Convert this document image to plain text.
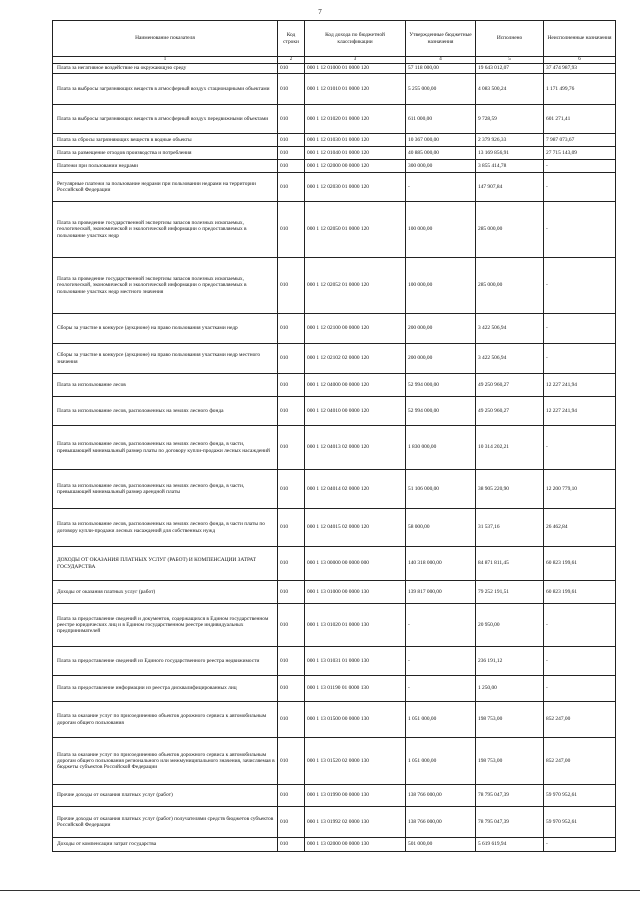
7
Наименование показателя	Код строки	Код дохода по бюджетной классификации	Утвержденные бюджетные назначения	Исполнено	Неисполненные назначения
1	2	3	4	5	6
Плата за негативное воздействие на окружающую среду	010	000 1 12 01000 01 0000 120	57 118 000,00	19 643 012,07	37 474 987,93
Плата за выбросы загрязняющих веществ в атмосферный воздух стационарными объектами	010	000 1 12 01010 01 0000 120	5 255 000,00	4 083 500,24	1 171 499,76
Плата за выбросы загрязняющих веществ в атмосферный воздух передвижными объектами	010	000 1 12 01020 01 0000 120	611 000,00	9 728,59	601 271,41
Плата за сбросы загрязняющих веществ в водные объекты	010	000 1 12 01030 01 0000 120	10 367 000,00	2 379 926,33	7 987 073,67
Плата за размещение отходов производства и потребления	010	000 1 12 01040 01 0000 120	40 885 000,00	13 169 856,91	27 715 143,09
Платежи при пользовании недрами	010	000 1 12 02000 00 0000 120	300 000,00	3 855 414,78	-
Регулярные платежи за пользование недрами при пользовании недрами на территории Российской Федерации	010	000 1 12 02030 01 0000 120	-	147 907,84	-
Плата за проведение государственной экспертизы запасов полезных ископаемых, геологической, экономической и экологической информации о предоставляемых в пользование участках недр	010	000 1 12 02050 01 0000 120	100 000,00	285 000,00	-
Плата за проведение государственной экспертизы запасов полезных ископаемых, геологической, экономической и экологической информации о предоставляемых в пользование участках недр местного значения	010	000 1 12 02052 01 0000 120	100 000,00	285 000,00	-
Сборы за участие в конкурсе (аукционе) на право пользования участками недр	010	000 1 12 02100 00 0000 120	200 000,00	3 422 506,94	-
Сборы за участие в конкурсе (аукционе) на право пользования участками недр местного значения	010	000 1 12 02102 02 0000 120	200 000,00	3 422 506,94	-
Плата за использование лесов	010	000 1 12 04000 00 0000 120	52 994 000,00	49 250 960,27	12 227 241,94
Плата за использование лесов, расположенных на землях лесного фонда	010	000 1 12 04010 00 0000 120	52 994 000,00	49 250 960,27	12 227 241,94
Плата за использование лесов, расположенных на землях лесного фонда, в части, превышающей минимальный размер платы по договору купли-продажи лесных насаждений	010	000 1 12 04013 02 0000 120	1 830 000,00	10 314 202,21	-
Плата за использование лесов, расположенных на землях лесного фонда, в части, превышающей минимальный размер арендной платы	010	000 1 12 04014 02 0000 120	51 106 000,00	38 905 220,90	12 200 779,10
Плата за использование лесов, расположенных на землях лесного фонда, в части платы по договору купли-продажи лесных насаждений для собственных нужд	010	000 1 12 04015 02 0000 120	58 000,00	31 537,16	26 462,84
ДОХОДЫ ОТ ОКАЗАНИЯ ПЛАТНЫХ УСЛУГ (РАБОТ) И КОМПЕНСАЦИИ ЗАТРАТ ГОСУДАРСТВА	010	000 1 13 00000 00 0000 000	140 318 000,00	84 871 811,45	60 823 199,61
Доходы от оказания платных услуг (работ)	010	000 1 13 01000 00 0000 130	139 817 000,00	79 252 191,51	60 823 199,61
Плата за предоставление сведений и документов, содержащихся в Едином государственном реестре юридических лиц и в Едином государственном реестре индивидуальных предпринимателей	010	000 1 13 01020 01 0000 130	-	20 950,00	-
Плата за предоставление сведений из Единого государственного реестра недвижимости	010	000 1 13 01031 01 0000 130	-	236 191,12	-
Плата за предоставление информации из реестра дисквалифицированных лиц	010	000 1 13 01190 01 0000 130	-	1 250,00	-
Плата за оказание услуг по присоединению объектов дорожного сервиса к автомобильным дорогам общего пользования	010	000 1 13 01500 00 0000 130	1 051 000,00	198 753,00	852 247,00
Плата за оказание услуг по присоединению объектов дорожного сервиса к автомобильным дорогам общего пользования регионального или межмуниципального значения, зачисляемая в бюджеты субъектов Российской Федерации	010	000 1 13 01520 02 0000 130	1 051 000,00	198 753,00	852 247,00
Прочие доходы от оказания платных услуг (работ)	010	000 1 13 01990 00 0000 130	138 766 000,00	78 795 047,39	59 970 952,61
Прочие доходы от оказания платных услуг (работ) получателями средств бюджетов субъектов Российской Федерации	010	000 1 13 01992 02 0000 130	138 766 000,00	78 795 047,39	59 970 952,61
Доходы от компенсации затрат государства	010	000 1 13 02000 00 0000 130	501 000,00	5 619 619,94	-
